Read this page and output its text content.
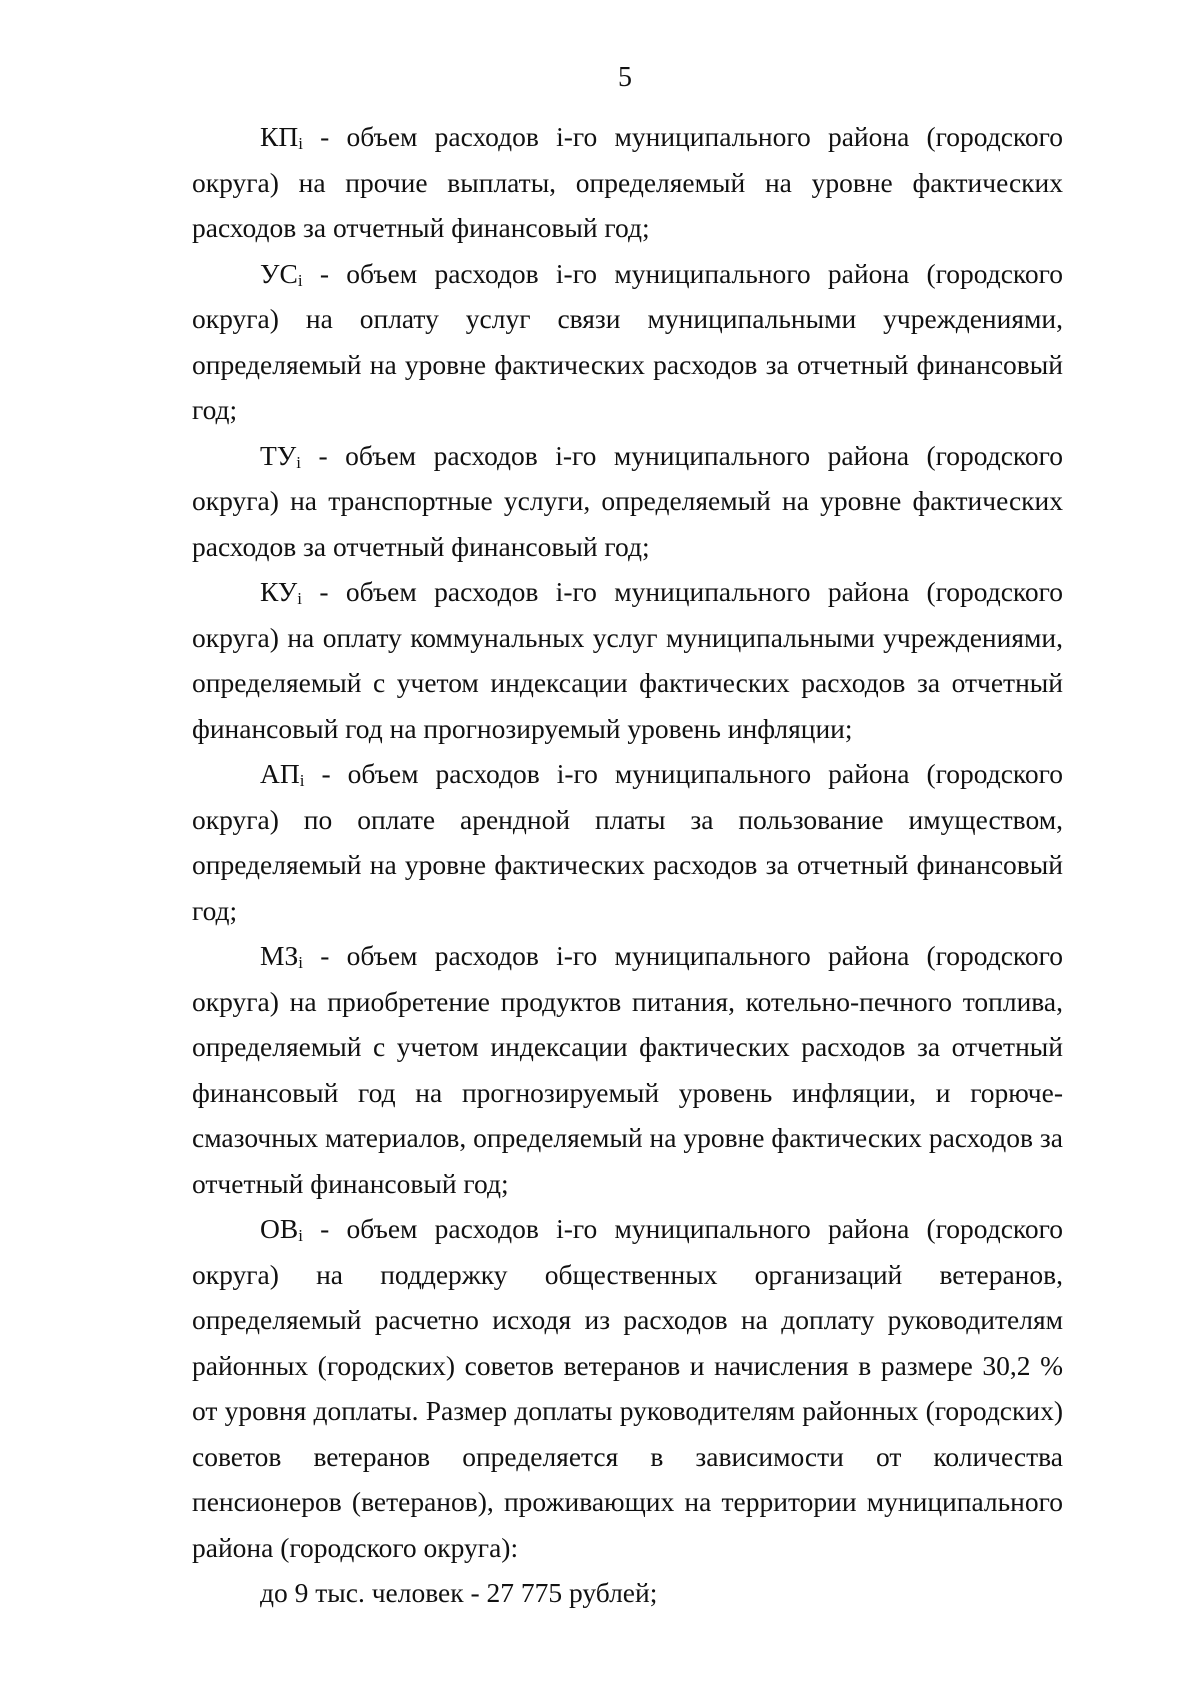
5

$КП_i$ - объем расходов i-го муниципального района (городского округа) на прочие выплаты, определяемый на уровне фактических расходов за отчетный финансовый год;

$УС_i$ - объем расходов i-го муниципального района (городского округа) на оплату услуг связи муниципальными учреждениями, определяемый на уровне фактических расходов за отчетный финансовый год;

$ТУ_i$ - объем расходов i-го муниципального района (городского округа) на транспортные услуги, определяемый на уровне фактических расходов за отчетный финансовый год;

$КУ_i$ - объем расходов i-го муниципального района (городского округа) на оплату коммунальных услуг муниципальными учреждениями, определяемый с учетом индексации фактических расходов за отчетный финансовый год на прогнозируемый уровень инфляции;

$АП_i$ - объем расходов i-го муниципального района (городского округа) по оплате арендной платы за пользование имуществом, определяемый на уровне фактических расходов за отчетный финансовый год;

$МЗ_i$ - объем расходов i-го муниципального района (городского округа) на приобретение продуктов питания, котельно-печного топлива, определяемый с учетом индексации фактических расходов за отчетный финансовый год на прогнозируемый уровень инфляции, и горюче-смазочных материалов, определяемый на уровне фактических расходов за отчетный финансовый год;

$ОВ_i$ - объем расходов i-го муниципального района (городского округа) на поддержку общественных организаций ветеранов, определяемый расчетно исходя из расходов на доплату руководителям районных (городских) советов ветеранов и начисления в размере 30,2 % от уровня доплаты. Размер доплаты руководителям районных (городских) советов ветеранов определяется в зависимости от количества пенсионеров (ветеранов), проживающих на территории муниципального района (городского округа):

до 9 тыс. человек - 27 775 рублей;
